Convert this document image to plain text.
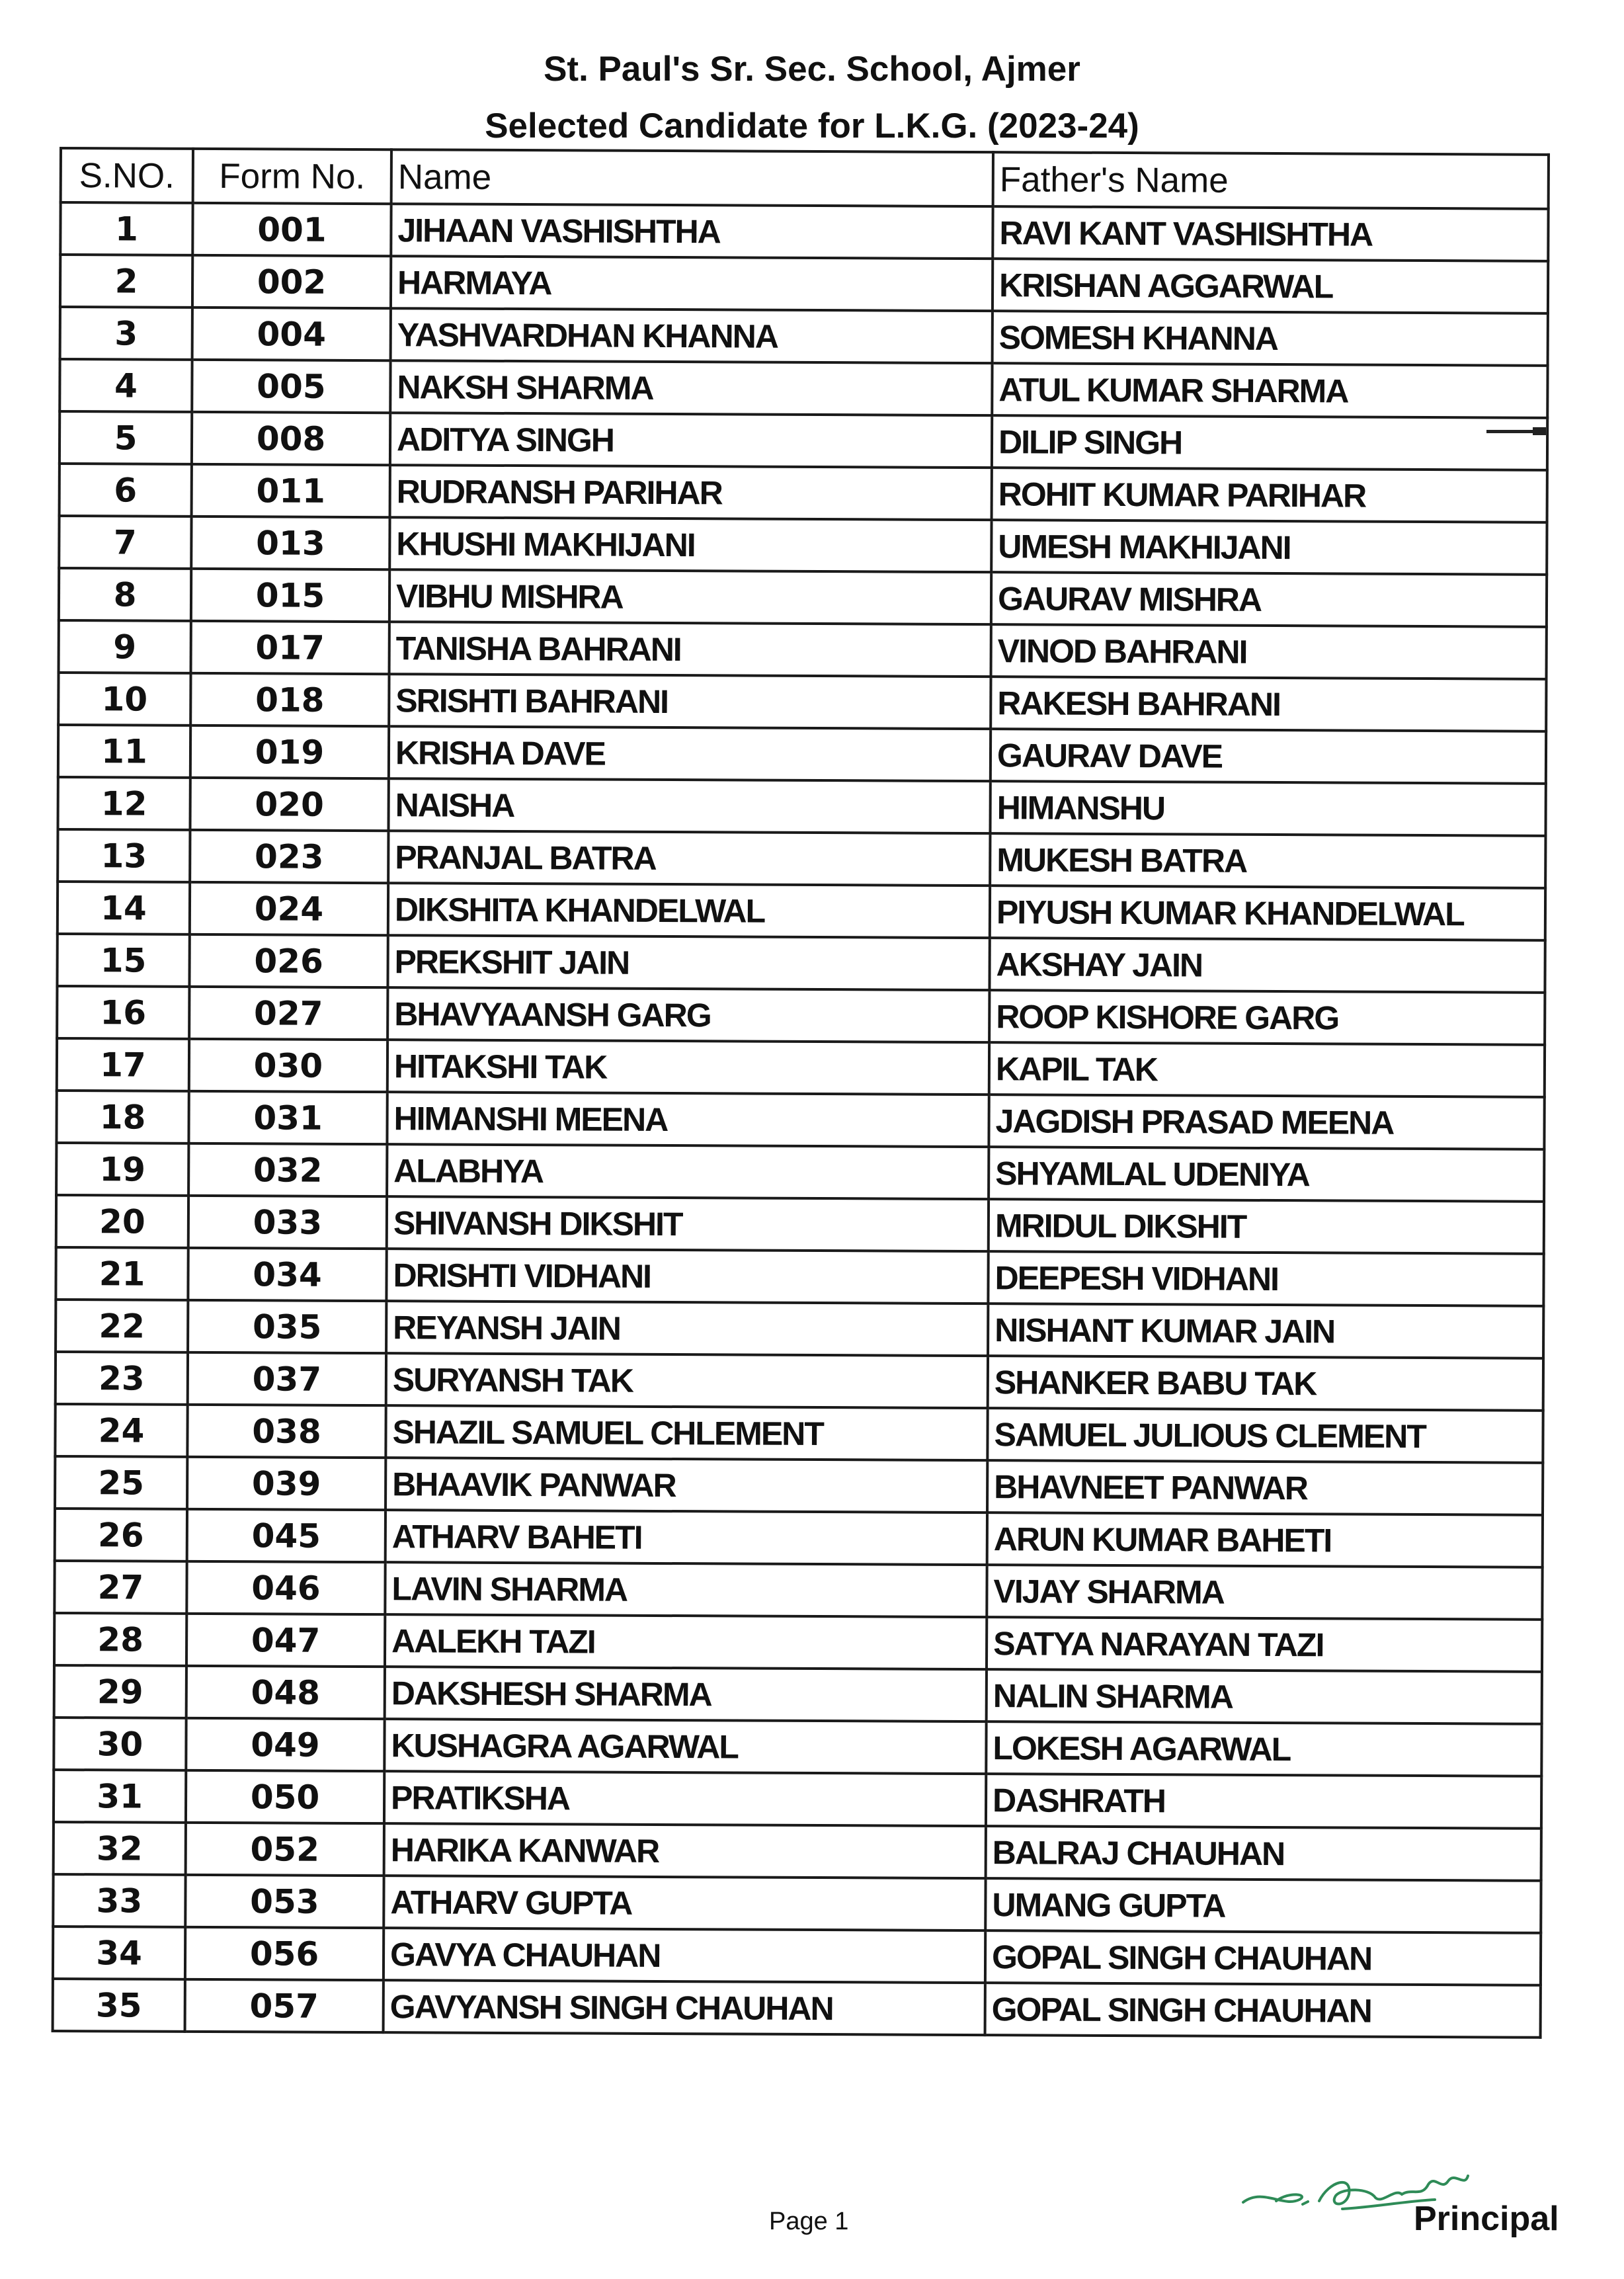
St. Paul's Sr. Sec. School, Ajmer
Selected Candidate for L.K.G. (2023-24)
S.NO.	Form No.	Name	Father's Name
1	001	JIHAAN VASHISHTHA	RAVI KANT VASHISHTHA
2	002	HARMAYA	KRISHAN AGGARWAL
3	004	YASHVARDHAN KHANNA	SOMESH KHANNA
4	005	NAKSH SHARMA	ATUL KUMAR SHARMA
5	008	ADITYA SINGH	DILIP SINGH
6	011	RUDRANSH PARIHAR	ROHIT KUMAR PARIHAR
7	013	KHUSHI MAKHIJANI	UMESH MAKHIJANI
8	015	VIBHU MISHRA	GAURAV MISHRA
9	017	TANISHA BAHRANI	VINOD BAHRANI
10	018	SRISHTI BAHRANI	RAKESH BAHRANI
11	019	KRISHA DAVE	GAURAV DAVE
12	020	NAISHA	HIMANSHU
13	023	PRANJAL BATRA	MUKESH BATRA
14	024	DIKSHITA KHANDELWAL	PIYUSH KUMAR KHANDELWAL
15	026	PREKSHIT JAIN	AKSHAY JAIN
16	027	BHAVYAANSH GARG	ROOP KISHORE GARG
17	030	HITAKSHI TAK	KAPIL TAK
18	031	HIMANSHI MEENA	JAGDISH PRASAD MEENA
19	032	ALABHYA	SHYAMLAL UDENIYA
20	033	SHIVANSH DIKSHIT	MRIDUL DIKSHIT
21	034	DRISHTI VIDHANI	DEEPESH VIDHANI
22	035	REYANSH JAIN	NISHANT KUMAR JAIN
23	037	SURYANSH TAK	SHANKER BABU TAK
24	038	SHAZIL SAMUEL CHLEMENT	SAMUEL JULIOUS CLEMENT
25	039	BHAAVIK PANWAR	BHAVNEET PANWAR
26	045	ATHARV BAHETI	ARUN KUMAR BAHETI
27	046	LAVIN SHARMA	VIJAY SHARMA
28	047	AALEKH TAZI	SATYA NARAYAN TAZI
29	048	DAKSHESH SHARMA	NALIN SHARMA
30	049	KUSHAGRA AGARWAL	LOKESH AGARWAL
31	050	PRATIKSHA	DASHRATH
32	052	HARIKA KANWAR	BALRAJ CHAUHAN
33	053	ATHARV GUPTA	UMANG GUPTA
34	056	GAVYA CHAUHAN	GOPAL SINGH CHAUHAN
35	057	GAVYANSH SINGH CHAUHAN	GOPAL SINGH CHAUHAN
Page 1	Principal
